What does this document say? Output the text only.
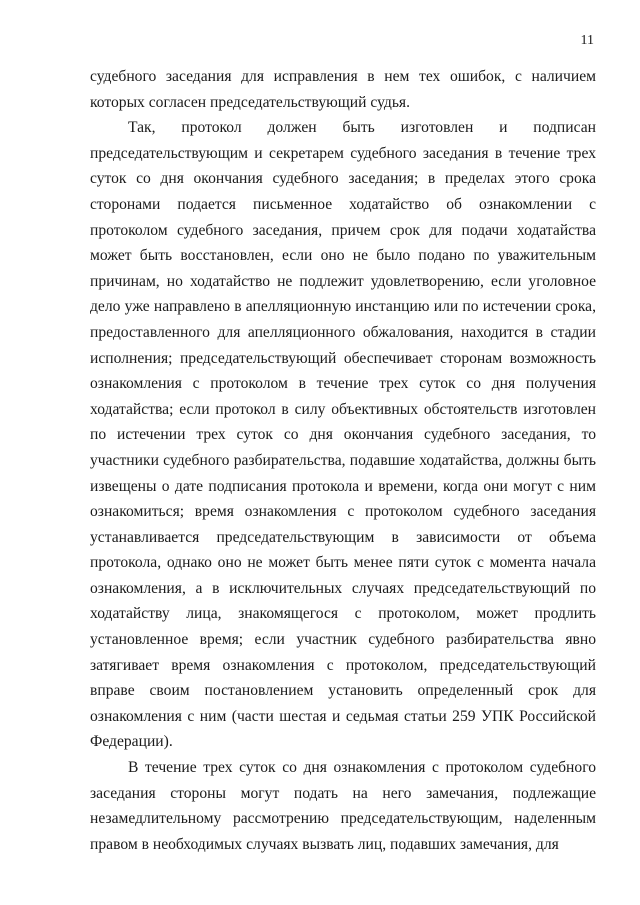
11

судебного заседания для исправления в нем тех ошибок, с наличием которых согласен председательствующий судья.

Так, протокол должен быть изготовлен и подписан председательствующим и секретарем судебного заседания в течение трех суток со дня окончания судебного заседания; в пределах этого срока сторонами подается письменное ходатайство об ознакомлении с протоколом судебного заседания, причем срок для подачи ходатайства может быть восстановлен, если оно не было подано по уважительным причинам, но ходатайство не подлежит удовлетворению, если уголовное дело уже направлено в апелляционную инстанцию или по истечении срока, предоставленного для апелляционного обжалования, находится в стадии исполнения; председательствующий обеспечивает сторонам возможность ознакомления с протоколом в течение трех суток со дня получения ходатайства; если протокол в силу объективных обстоятельств изготовлен по истечении трех суток со дня окончания судебного заседания, то участники судебного разбирательства, подавшие ходатайства, должны быть извещены о дате подписания протокола и времени, когда они могут с ним ознакомиться; время ознакомления с протоколом судебного заседания устанавливается председательствующим в зависимости от объема протокола, однако оно не может быть менее пяти суток с момента начала ознакомления, а в исключительных случаях председательствующий по ходатайству лица, знакомящегося с протоколом, может продлить установленное время; если участник судебного разбирательства явно затягивает время ознакомления с протоколом, председательствующий вправе своим постановлением установить определенный срок для ознакомления с ним (части шестая и седьмая статьи 259 УПК Российской Федерации).

В течение трех суток со дня ознакомления с протоколом судебного заседания стороны могут подать на него замечания, подлежащие незамедлительному рассмотрению председательствующим, наделенным правом в необходимых случаях вызвать лиц, подавших замечания, для
